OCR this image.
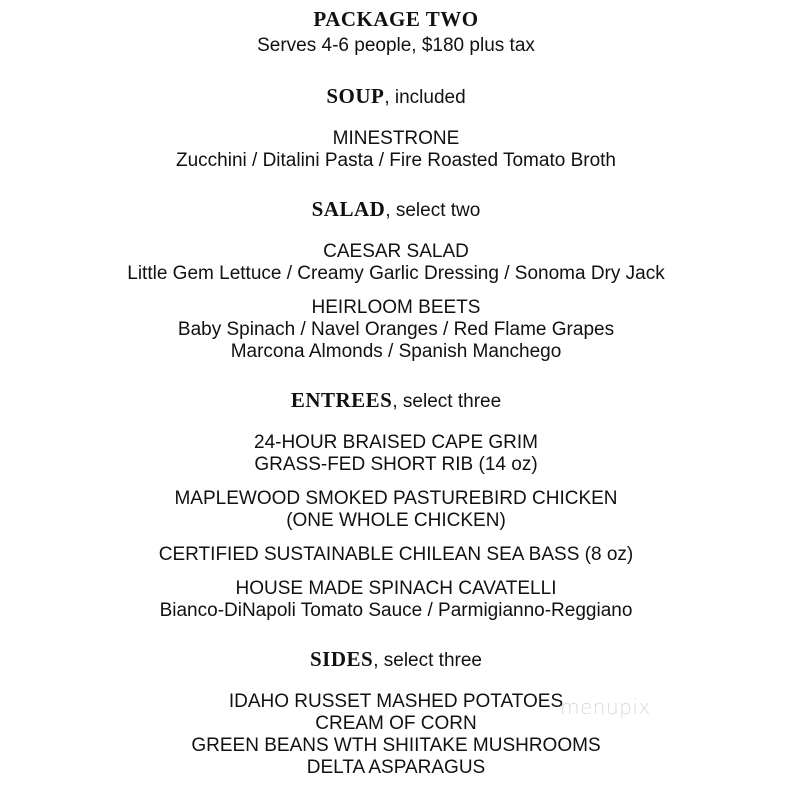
PACKAGE TWO
Serves 4-6 people, $180 plus tax
SOUP, included
MINESTRONE
Zucchini / Ditalini Pasta / Fire Roasted Tomato Broth
SALAD, select two
CAESAR SALAD
Little Gem Lettuce / Creamy Garlic Dressing / Sonoma Dry Jack
HEIRLOOM BEETS
Baby Spinach / Navel Oranges / Red Flame Grapes
Marcona Almonds / Spanish Manchego
ENTREES, select three
24-HOUR BRAISED CAPE GRIM
GRASS-FED SHORT RIB (14 oz)
MAPLEWOOD SMOKED PASTUREBIRD CHICKEN
(ONE WHOLE CHICKEN)
CERTIFIED SUSTAINABLE CHILEAN SEA BASS (8 oz)
HOUSE MADE SPINACH CAVATELLI
Bianco-DiNapoli Tomato Sauce / Parmigianno-Reggiano
SIDES, select three
IDAHO RUSSET MASHED POTATOES
CREAM OF CORN
GREEN BEANS WTH SHIITAKE MUSHROOMS
DELTA ASPARAGUS
menupix
